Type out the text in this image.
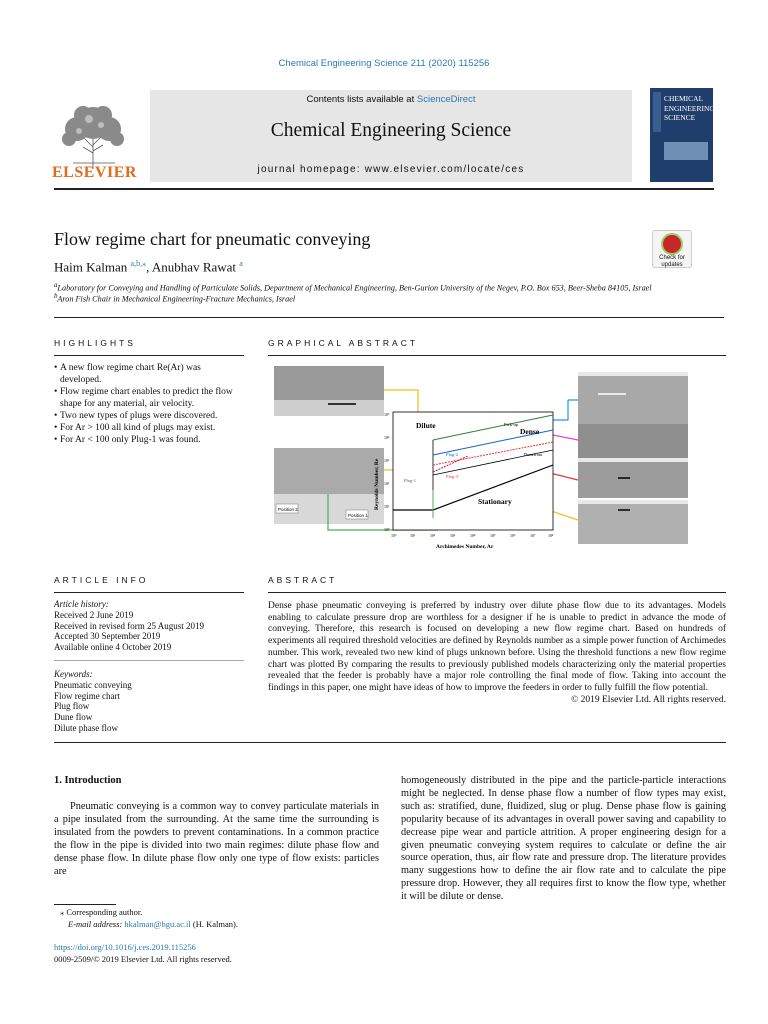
Chemical Engineering Science 211 (2020) 115256
ELSEVIER
Contents lists available at ScienceDirect
Chemical Engineering Science
journal homepage: www.elsevier.com/locate/ces
CHEMICAL ENGINEERING SCIENCE
Flow regime chart for pneumatic conveying
Haim Kalman $^{a,b,⁎}$, Anubhav Rawat $^a$
$^a$Laboratory for Conveying and Handling of Particulate Solids, Department of Mechanical Engineering, Ben-Gurion University of the Negev, P.O. Box 653, Beer-Sheba 84105, Israel
$^b$Aron Fish Chair in Mechanical Engineering-Fracture Mechanics, Israel
Check for updates
HIGHLIGHTS
• A new flow regime chart Re(Ar) was developed.
• Flow regime chart enables to predict the flow shape for any material, air velocity.
• Two new types of plugs were discovered.
• For Ar > 100 all kind of plugs may exist.
• For Ar < 100 only Plug-1 was found.
GRAPHICAL ABSTRACT
Position 2
Position 1
Dilute
Dense
Stationary
Plug-1
Plug-2
Plug-3
Pick-up
Dunefront
10⁰	10¹	10²	10³	10⁴	10⁵	10⁶	10⁷	10⁸
10⁵
10⁴
10³
10²
10¹
10⁰
Archimedes Number, Ar
Reynolds Number, Re
ARTICLE INFO
Article history:
Received 2 June 2019
Received in revised form 25 August 2019
Accepted 30 September 2019
Available online 4 October 2019
Keywords:
Pneumatic conveying
Flow regime chart
Plug flow
Dune flow
Dilute phase flow
ABSTRACT
Dense phase pneumatic conveying is preferred by industry over dilute phase flow due to its advantages. Models enabling to calculate pressure drop are worthless for a designer if he is unable to predict in advance the mode of conveying. Therefore, this research is focused on developing a new flow regime chart. Based on hundreds of experiments all required threshold velocities are defined by Reynolds number as a simple power function of Archimedes number. This work, revealed two new kind of plugs unknown before. Using the threshold functions a new flow regime chart was plotted By comparing the results to previously published models characterizing only the material properties revealed that the feeder is probably have a major role controlling the final mode of flow. Taking into account the findings in this paper, one might have ideas of how to improve the feeders in order to fully fulfill the flow potential.
© 2019 Elsevier Ltd. All rights reserved.
1. Introduction
Pneumatic conveying is a common way to convey particulate materials in a pipe insulated from the surrounding. At the same time the surrounding is insulated from the powders to prevent contaminations. In a common practice the flow in the pipe is divided into two main regimes: dilute phase flow and dense phase flow. In dilute phase flow only one type of flow exists: particles are
homogeneously distributed in the pipe and the particle-particle interactions might be neglected. In dense phase flow a number of flow types may exist, such as: stratified, dune, fluidized, slug or plug. Dense phase flow is gaining popularity because of its advantages in overall power saving and capability to decrease pipe wear and particle attrition. A proper engineering design for a given pneumatic conveying system requires to calculate or define the air source operation, thus, air flow rate and pressure drop. The literature provides many suggestions how to define the air flow rate and to calculate the pipe pressure drop. However, they all requires first to know the flow type, whether it will be dilute or dense.
⁎ Corresponding author.
E-mail address: hkalman@bgu.ac.il (H. Kalman).
https://doi.org/10.1016/j.ces.2019.115256
0009-2509/© 2019 Elsevier Ltd. All rights reserved.
